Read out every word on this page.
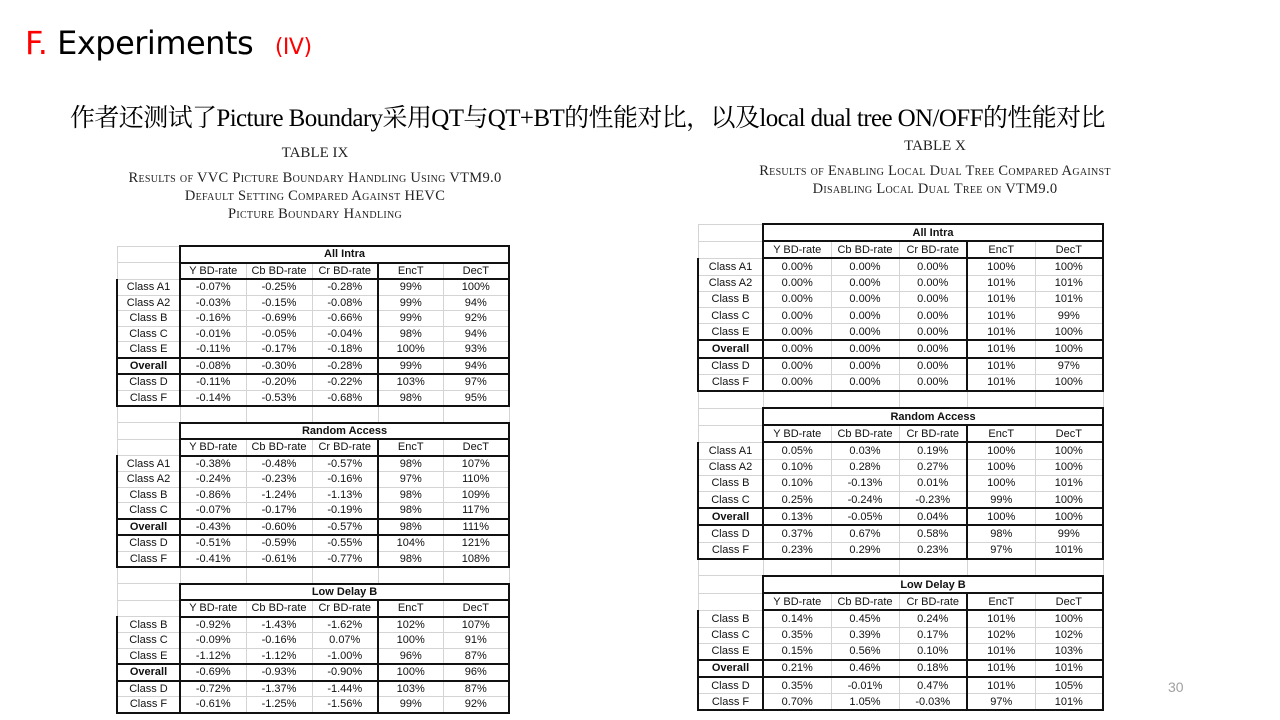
F. Experiments (IV)
作者还测试了Picture Boundary采用QT与QT+BT的性能对比，以及local dual tree ON/OFF的性能对比
TABLE IX
Results of VVC Picture Boundary Handling Using VTM9.0
Default Setting Compared Against HEVC
Picture Boundary Handling
TABLE X
Results of Enabling Local Dual Tree Compared Against
Disabling Local Dual Tree on VTM9.0
	All Intra				
	Y BD-rate	Cb BD-rate	Cr BD-rate	EncT	DecT
Class A1	-0.07%	-0.25%	-0.28%	99%	100%
Class A2	-0.03%	-0.15%	-0.08%	99%	94%
Class B	-0.16%	-0.69%	-0.66%	99%	92%
Class C	-0.01%	-0.05%	-0.04%	98%	94%
Class E	-0.11%	-0.17%	-0.18%	100%	93%
Overall	-0.08%	-0.30%	-0.28%	99%	94%
Class D	-0.11%	-0.20%	-0.22%	103%	97%
Class F	-0.14%	-0.53%	-0.68%	98%	95%

	Random Access				
	Y BD-rate	Cb BD-rate	Cr BD-rate	EncT	DecT
Class A1	-0.38%	-0.48%	-0.57%	98%	107%
Class A2	-0.24%	-0.23%	-0.16%	97%	110%
Class B	-0.86%	-1.24%	-1.13%	98%	109%
Class C	-0.07%	-0.17%	-0.19%	98%	117%
Overall	-0.43%	-0.60%	-0.57%	98%	111%
Class D	-0.51%	-0.59%	-0.55%	104%	121%
Class F	-0.41%	-0.61%	-0.77%	98%	108%

	Low Delay B				
	Y BD-rate	Cb BD-rate	Cr BD-rate	EncT	DecT
Class B	-0.92%	-1.43%	-1.62%	102%	107%
Class C	-0.09%	-0.16%	0.07%	100%	91%
Class E	-1.12%	-1.12%	-1.00%	96%	87%
Overall	-0.69%	-0.93%	-0.90%	100%	96%
Class D	-0.72%	-1.37%	-1.44%	103%	87%
Class F	-0.61%	-1.25%	-1.56%	99%	92%
	All Intra				
	Y BD-rate	Cb BD-rate	Cr BD-rate	EncT	DecT
Class A1	0.00%	0.00%	0.00%	100%	100%
Class A2	0.00%	0.00%	0.00%	101%	101%
Class B	0.00%	0.00%	0.00%	101%	101%
Class C	0.00%	0.00%	0.00%	101%	99%
Class E	0.00%	0.00%	0.00%	101%	100%
Overall	0.00%	0.00%	0.00%	101%	100%
Class D	0.00%	0.00%	0.00%	101%	97%
Class F	0.00%	0.00%	0.00%	101%	100%

	Random Access				
	Y BD-rate	Cb BD-rate	Cr BD-rate	EncT	DecT
Class A1	0.05%	0.03%	0.19%	100%	100%
Class A2	0.10%	0.28%	0.27%	100%	100%
Class B	0.10%	-0.13%	0.01%	100%	101%
Class C	0.25%	-0.24%	-0.23%	99%	100%
Overall	0.13%	-0.05%	0.04%	100%	100%
Class D	0.37%	0.67%	0.58%	98%	99%
Class F	0.23%	0.29%	0.23%	97%	101%

	Low Delay B				
	Y BD-rate	Cb BD-rate	Cr BD-rate	EncT	DecT
Class B	0.14%	0.45%	0.24%	101%	100%
Class C	0.35%	0.39%	0.17%	102%	102%
Class E	0.15%	0.56%	0.10%	101%	103%
Overall	0.21%	0.46%	0.18%	101%	101%
Class D	0.35%	-0.01%	0.47%	101%	105%
Class F	0.70%	1.05%	-0.03%	97%	101%
30
